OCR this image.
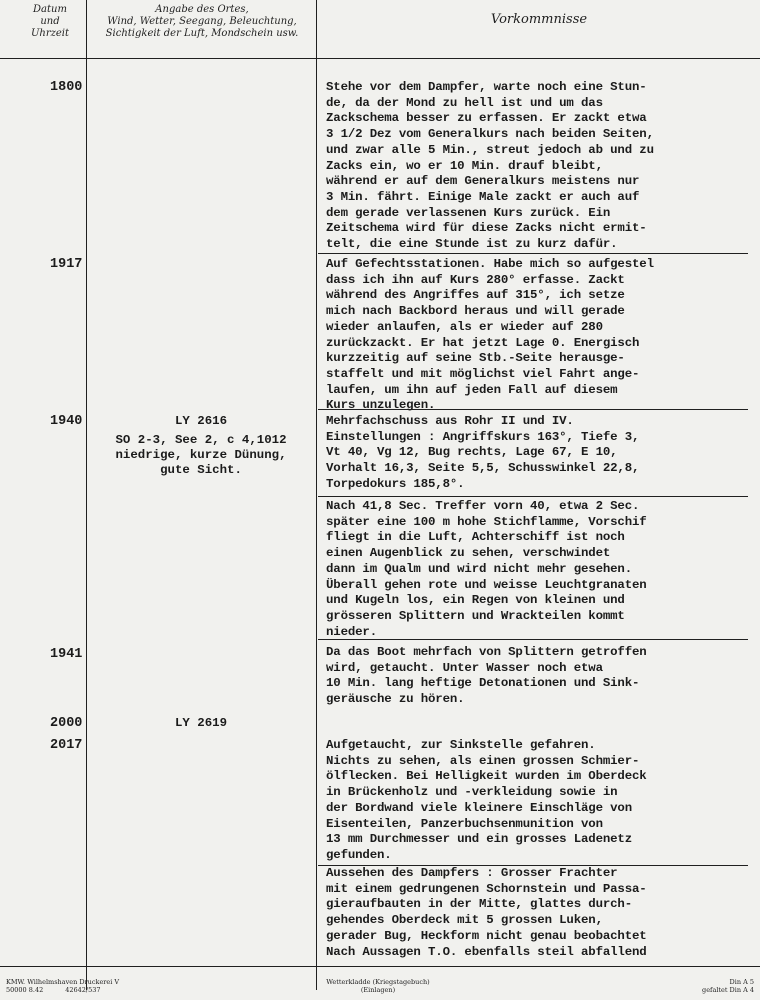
Datum
und
Uhrzeit
Angabe des Ortes,
Wind, Wetter, Seegang, Beleuchtung,
Sichtigkeit der Luft, Mondschein usw.
Vorkommnisse
1800
1917
1940
1941
2000
2017
LY 2616
SO 2-3, See 2, c 4,1012
niedrige, kurze Dünung,
gute Sicht.
LY 2619
Stehe vor dem Dampfer, warte noch eine Stun-
de, da der Mond zu hell ist und um das
Zackschema besser zu erfassen. Er zackt etwa
3 1/2 Dez vom Generalkurs nach beiden Seiten,
und zwar alle 5 Min., streut jedoch ab und zu
Zacks ein, wo er 10 Min. drauf bleibt,
während er auf dem Generalkurs meistens nur
3 Min. fährt. Einige Male zackt er auch auf
dem gerade verlassenen Kurs zurück. Ein
Zeitschema wird für diese Zacks nicht ermit-
telt, die eine Stunde ist zu kurz dafür.
Auf Gefechtsstationen. Habe mich so aufgestel
dass ich ihn auf Kurs 280° erfasse. Zackt
während des Angriffes auf 315°, ich setze
mich nach Backbord heraus und will gerade
wieder anlaufen, als er wieder auf 280
zurückzackt. Er hat jetzt Lage 0. Energisch
kurzzeitig auf seine Stb.-Seite herausge-
staffelt und mit möglichst viel Fahrt ange-
laufen, um ihn auf jeden Fall auf diesem
Kurs unzulegen.
Mehrfachschuss aus Rohr II und IV.
Einstellungen : Angriffskurs 163°, Tiefe 3,
Vt 40, Vg 12, Bug rechts, Lage 67, E 10,
Vorhalt 16,3, Seite 5,5, Schusswinkel 22,8,
Torpedokurs 185,8°.
Nach 41,8 Sec. Treffer vorn 40, etwa 2 Sec.
später eine 100 m hohe Stichflamme, Vorschif
fliegt in die Luft, Achterschiff ist noch
einen Augenblick zu sehen, verschwindet
dann im Qualm und wird nicht mehr gesehen.
Überall gehen rote und weisse Leuchtgranaten
und Kugeln los, ein Regen von kleinen und
grösseren Splittern und Wrackteilen kommt
nieder.
Da das Boot mehrfach von Splittern getroffen
wird, getaucht. Unter Wasser noch etwa
10 Min. lang heftige Detonationen und Sink-
geräusche zu hören.
Aufgetaucht, zur Sinkstelle gefahren.
Nichts zu sehen, als einen grossen Schmier-
ölflecken. Bei Helligkeit wurden im Oberdeck
in Brückenholz und -verkleidung sowie in
der Bordwand viele kleinere Einschläge von
Eisenteilen, Panzerbuchsenmunition von
13 mm Durchmesser und ein grosses Ladenetz
gefunden.
Aussehen des Dampfers : Grosser Frachter
mit einem gedrungenen Schornstein und Passa-
gieraufbauten in der Mitte, glattes durch-
gehendes Oberdeck mit 5 grossen Luken,
gerader Bug, Heckform nicht genau beobachtet
Nach Aussagen T.O. ebenfalls steil abfallend
KMW. Wilhelmshaven Druckerei V
50000 8.42	42642/537
Wetterkladde (Kriegstagebuch)
(Einlagen)
Din A 5
gefaltet Din A 4
